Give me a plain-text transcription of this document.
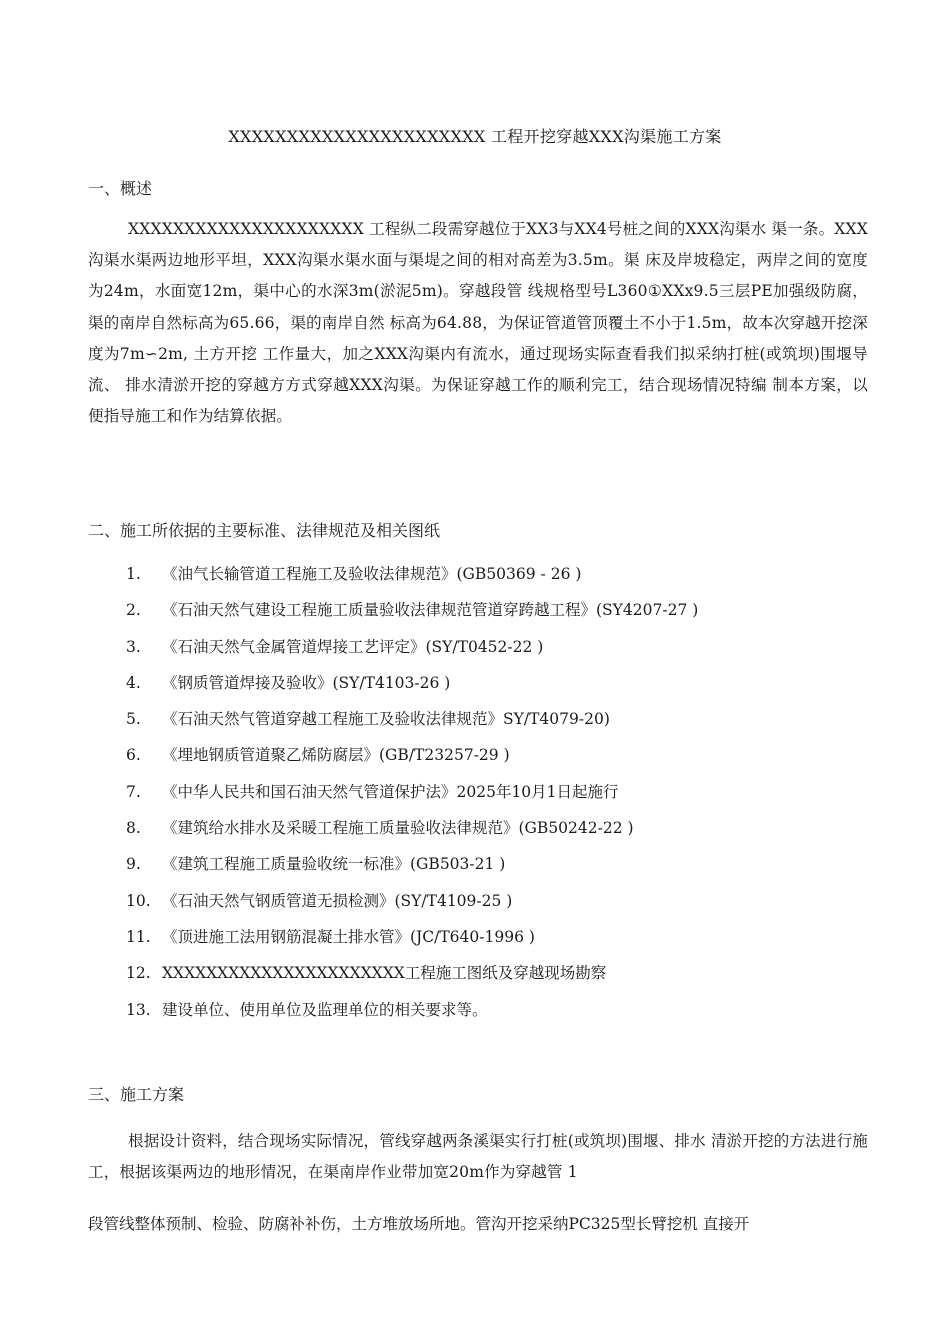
XXXXXXXXXXXXXXXXXXXXXX 工程开挖穿越XXX沟渠施工方案
一、概述

XXXXXXXXXXXXXXXXXXXXX 工程纵二段需穿越位于XX3与XX4号桩之间的XXX沟渠水 渠一条。XXX沟渠水渠两边地形平坦，XXX沟渠水渠水面与渠堤之间的相对高差为3.5m。渠 床及岸坡稳定，两岸之间的宽度为24m，水面宽12m，渠中心的水深3m(淤泥5m)。穿越段管 线规格型号L360①XXx9.5三层PE加强级防腐，渠的南岸自然标高为65.66，渠的南岸自然 标高为64.88，为保证管道管顶覆土不小于1.5m，故本次穿越开挖深度为7m∽2m, 土方开挖 工作量大，加之XXX沟渠内有流水，通过现场实际查看我们拟采纳打桩(或筑坝)围堰导流、 排水清淤开挖的穿越方方式穿越XXX沟渠。为保证穿越工作的顺利完工，结合现场情况特编 制本方案，以便指导施工和作为结算依据。

二、施工所依据的主要标准、法律规范及相关图纸
1. 《油气长输管道工程施工及验收法律规范》(GB50369 - 26 )
2. 《石油天然气建设工程施工质量验收法律规范管道穿跨越工程》(SY4207-27 )
3. 《石油天然气金属管道焊接工艺评定》(SY/T0452-22 )
4. 《钢质管道焊接及验收》(SY/T4103-26 )
5. 《石油天然气管道穿越工程施工及验收法律规范》SY/T4079-20)
6. 《埋地钢质管道聚乙烯防腐层》(GB/T23257-29 )
7. 《中华人民共和国石油天然气管道保护法》2025年10月1日起施行
8. 《建筑给水排水及采暖工程施工质量验收法律规范》(GB50242-22 )
9. 《建筑工程施工质量验收统一标准》(GB503-21 )
10. 《石油天然气钢质管道无损检测》(SY/T4109-25 )
11. 《顶进施工法用钢筋混凝土排水管》(JC/T640-1996 )
12. XXXXXXXXXXXXXXXXXXXXXX工程施工图纸及穿越现场勘察
13. 建设单位、使用单位及监理单位的相关要求等。
三、施工方案

根据设计资料，结合现场实际情况，管线穿越两条溪渠实行打桩(或筑坝)围堰、排水 清淤开挖的方法进行施工，根据该渠两边的地形情况，在渠南岸作业带加宽20m作为穿越管 1

段管线整体预制、检验、防腐补补伤，土方堆放场所地。管沟开挖采纳PC325型长臂挖机 直接开
